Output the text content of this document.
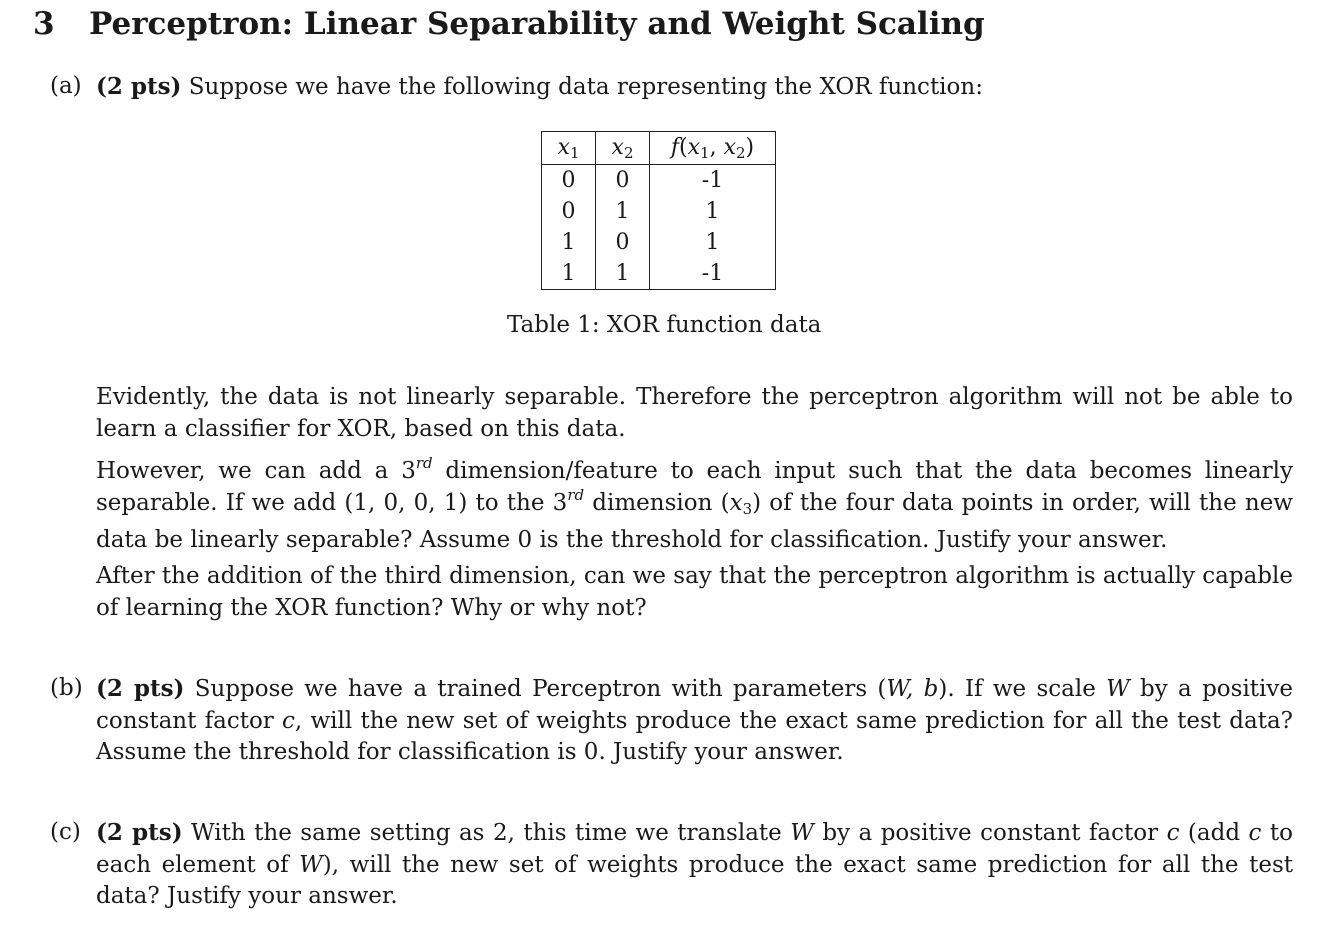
3 Perceptron: Linear Separability and Weight Scaling
(a) (2 pts) Suppose we have the following data representing the XOR function:
$x_1$	$x_2$	$f(x_1$, $x_2$)
0	0	-1
0	1	1
1	0	1
1	1	-1
Table 1: XOR function data
Evidently, the data is not linearly separable. Therefore the perceptron algorithm will not be able to learn a classifier for XOR, based on this data.
However, we can add a 3rd dimension/feature to each input such that the data becomes linearly separable. If we add (1, 0, 0, 1) to the 3rd dimension $(x_3)$ of the four data points in order, will the new data be linearly separable? Assume 0 is the threshold for classification. Justify your answer.
After the addition of the third dimension, can we say that the perceptron algorithm is actually capable of learning the XOR function? Why or why not?
(b) (2 pts) Suppose we have a trained Perceptron with parameters (W, b). If we scale W by a positive constant factor c, will the new set of weights produce the exact same prediction for all the test data? Assume the threshold for classification is 0. Justify your answer.
(c) (2 pts) With the same setting as 2, this time we translate W by a positive constant factor c (add c to each element of W), will the new set of weights produce the exact same prediction for all the test data? Justify your answer.
